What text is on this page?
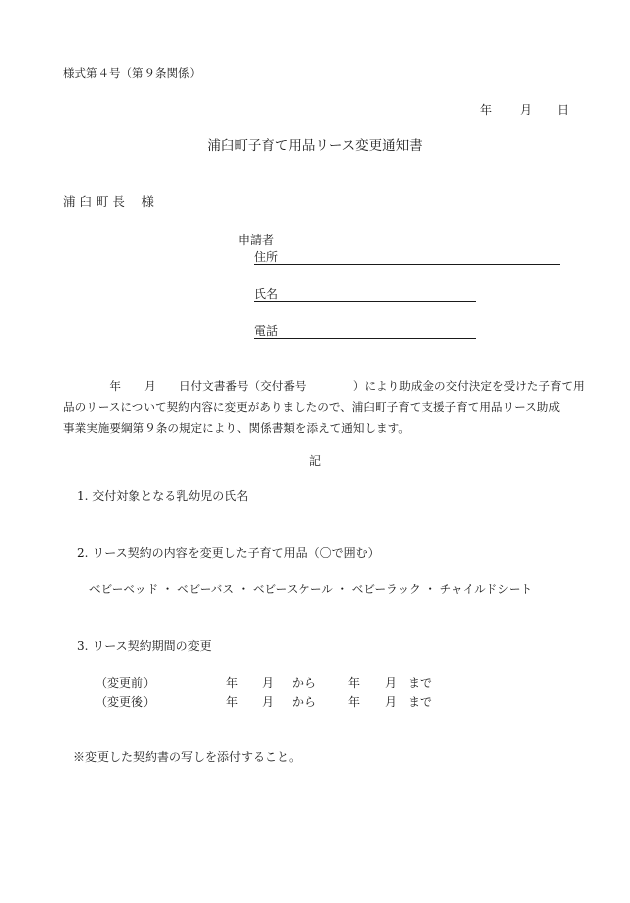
様式第４号（第９条関係）
年 月 日
浦臼町子育て用品リース変更通知書
浦 臼 町 長　 様
申請者
住所
氏名
電話
　　　　年　　月　　日付文書番号（交付番号　　　　）により助成金の交付決定を受けた子育て用
品のリースについて契約内容に変更がありましたので、浦臼町子育て支援子育て用品リース助成
事業実施要綱第９条の規定により、関係書類を添えて通知します。
記
1. 交付対象となる乳幼児の氏名
2. リース契約の内容を変更した子育て用品（〇で囲む）
ベビーベッド ・ ベビーバス ・ ベビースケール ・ ベビーラック ・ チャイルドシート
3. リース契約期間の変更
（変更前）	年 月 から	年 月 まで
（変更後）	年 月 から	年 月 まで
※変更した契約書の写しを添付すること。
